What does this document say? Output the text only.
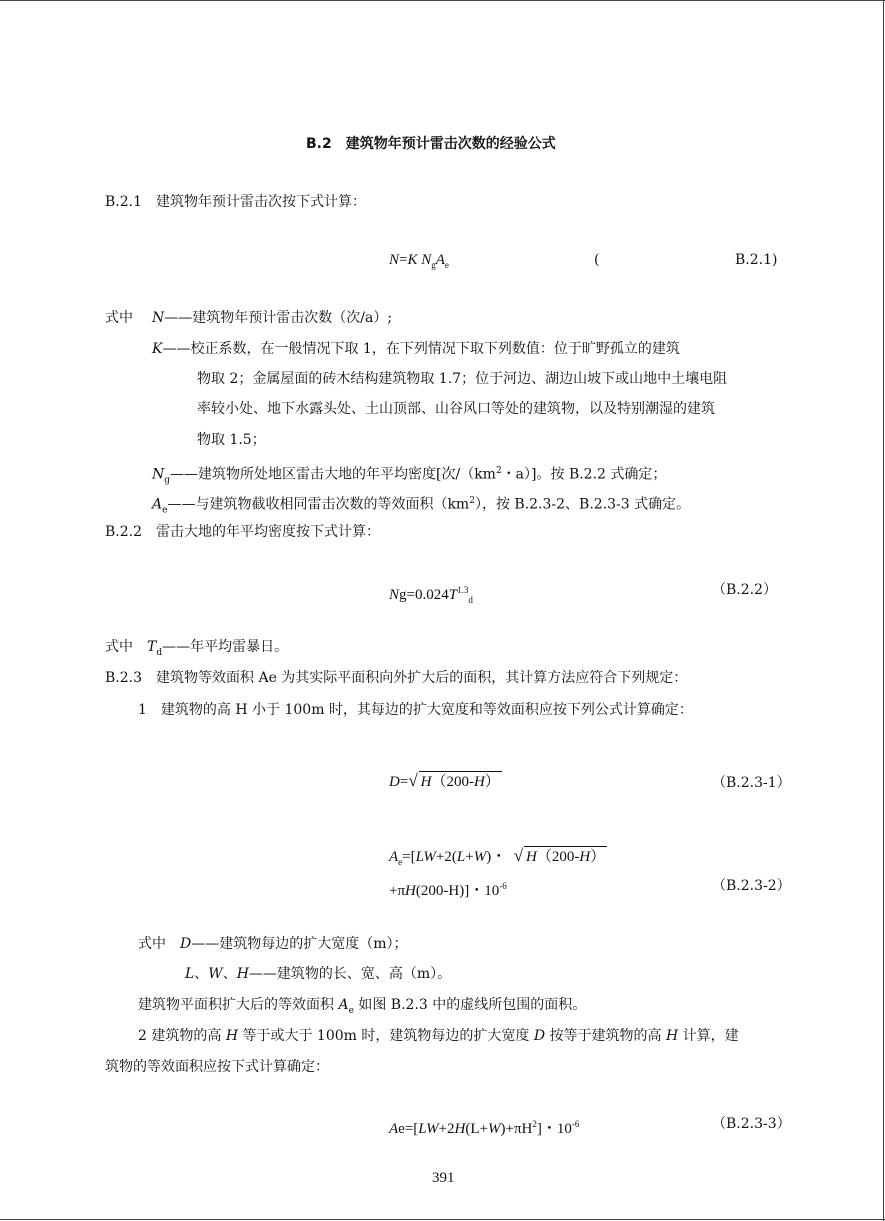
B.2　建筑物年预计雷击次数的经验公式
B.2.1　建筑物年预计雷击次按下式计算：
N=K $N_gA_e$	(	B.2.1)
式中 N——建筑物年预计雷击次数（次/a）;
K——校正系数，在一般情况下取 1，在下列情况下取下列数值：位于旷野孤立的建筑
物取 2；金属屋面的砖木结构建筑物取 1.7；位于河边、湖边山坡下或山地中土壤电阻
率较小处、地下水露头处、土山顶部、山谷风口等处的建筑物，以及特别潮湿的建筑
物取 1.5；
$N_g——$建筑物所处地区雷击大地的年平均密度[次$/(km^2$・a）]。按 B.2.2 式确定；
$A_e——$与建筑物截收相同雷击次数的等效面积$(km^2)$，按 B.2.3-2、B.2.3-3 式确定。
B.2.2　雷击大地的年平均密度按下式计算：
$Ng=0.024T^{1.3}_d$
（B.2.2）
式中　$T_d——$年平均雷暴日。
B.2.3　建筑物等效面积 Ae 为其实际平面积向外扩大后的面积，其计算方法应符合下列规定：
1　建筑物的高 H 小于 100m 时，其每边的扩大宽度和等效面积应按下列公式计算确定：
D=√ H（200-H）	（B.2.3-1）
$A_e=[LW+2(L+W)$・  √ H（200-H）
+πH(200-H)]・$10^{-6}$	（B.2.3-2）
式中　D——建筑物每边的扩大宽度（m）；
L、W、H——建筑物的长、宽、高（m）。
建筑物平面积扩大后的等效面积 $A_e$ 如图 B.2.3 中的虚线所包围的面积。
2 建筑物的高 H 等于或大于 100m 时，建筑物每边的扩大宽度 D 按等于建筑物的高 H 计算，建
筑物的等效面积应按下式计算确定：
$Ae=[LW+2H(L+W)+\pi H^2]$・$10^{-6}$	（B.2.3-3）
391
